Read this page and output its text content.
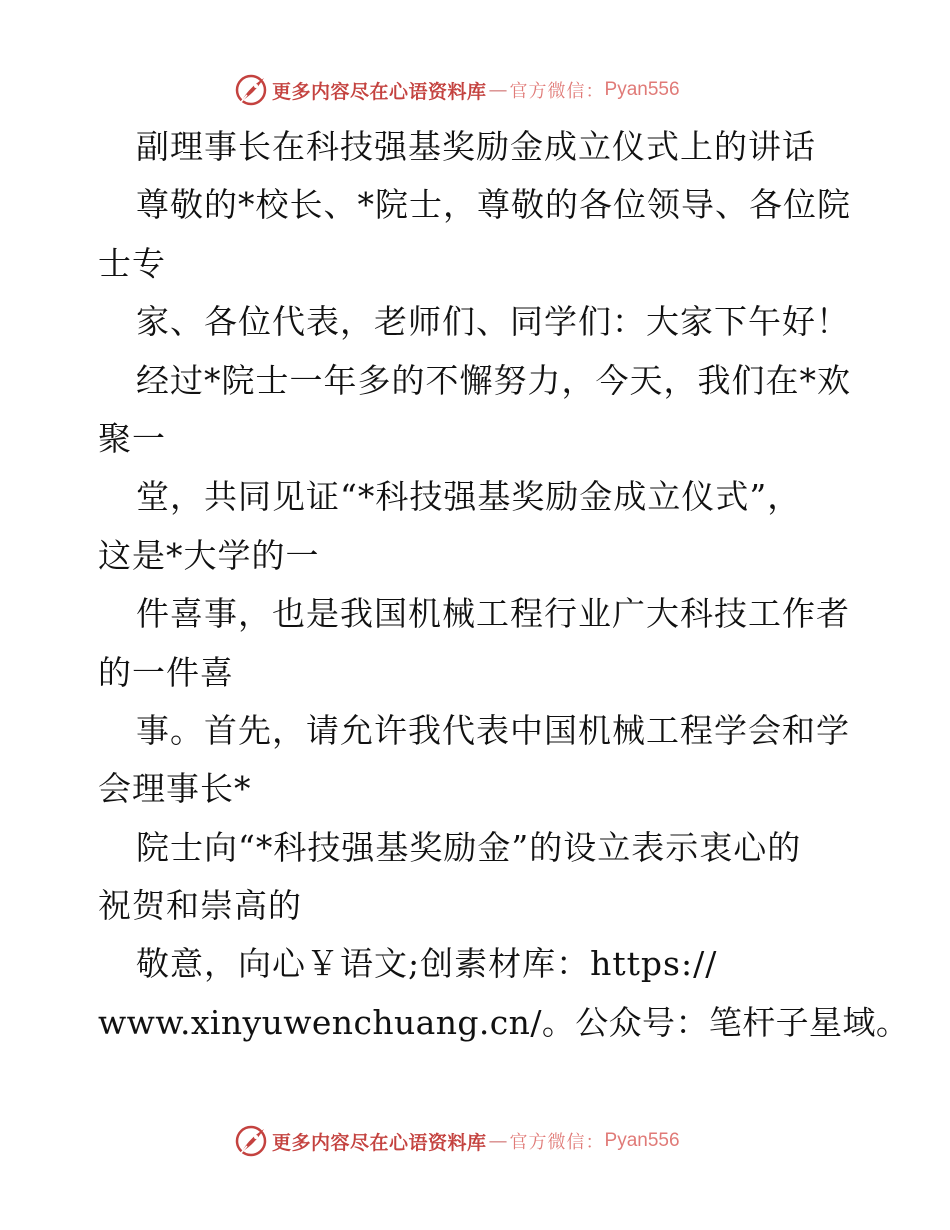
更多内容尽在心语资料库 — 官方微信： Pyan556
副理事长在科技强基奖励金成立仪式上的讲话
尊敬的*校长、*院士，尊敬的各位领导、各位院
士专
家、各位代表，老师们、同学们：大家下午好！
经过*院士一年多的不懈努力，今天，我们在*欢
聚一
堂，共同见证“*科技强基奖励金成立仪式”，
这是*大学的一
件喜事，也是我国机械工程行业广大科技工作者
的一件喜
事。首先，请允许我代表中国机械工程学会和学
会理事长*
院士向“*科技强基奖励金”的设立表示衷心的
祝贺和崇高的
敬意，向心￥语文;创素材库：https://
www.xinyuwenchuang.cn/。公众号：笔杆子星域。
更多内容尽在心语资料库 — 官方微信： Pyan556
